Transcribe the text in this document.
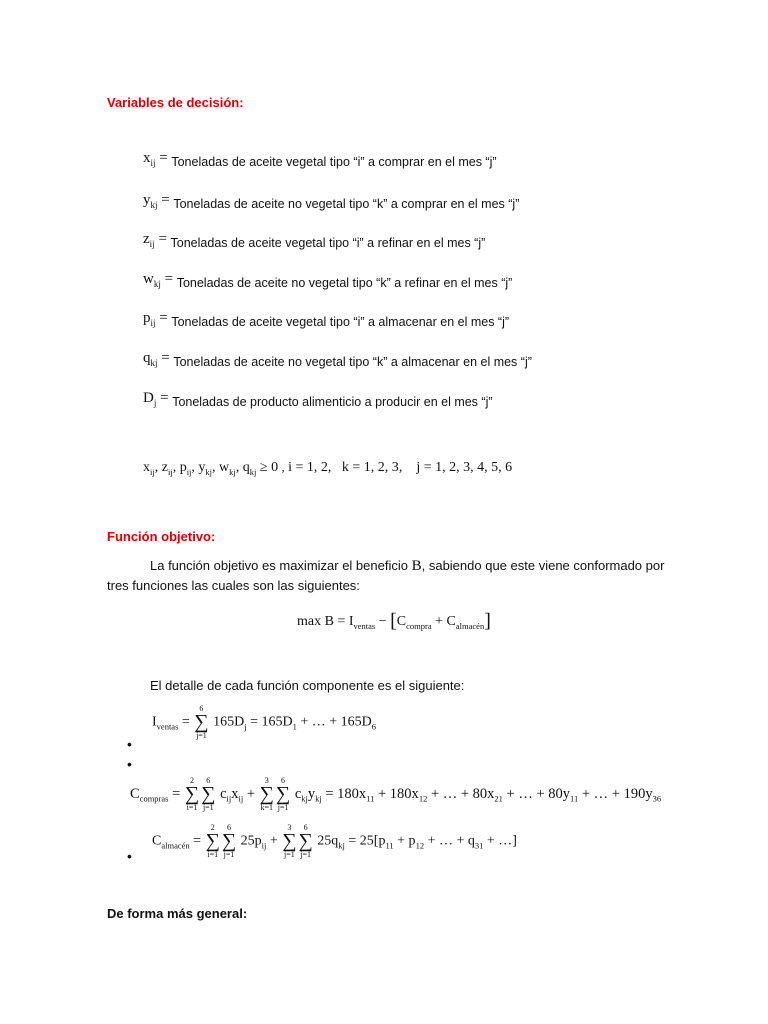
Variables de decisión:
$x_{ij}$ = Toneladas de aceite vegetal tipo “i” a comprar en el mes “j”
$y_{kj}$ = Toneladas de aceite no vegetal tipo “k” a comprar en el mes “j”
$z_{ij}$ = Toneladas de aceite vegetal tipo “i” a refinar en el mes “j”
$w_{kj}$ = Toneladas de aceite no vegetal tipo “k” a refinar en el mes “j”
$p_{ij}$ = Toneladas de aceite vegetal tipo “i” a almacenar en el mes “j”
$q_{kj}$ = Toneladas de aceite no vegetal tipo “k” a almacenar en el mes “j”
$D_j$ = Toneladas de producto alimenticio a producir en el mes “j”
$x_{ij}$, $z_{ij}$, $p_{ij}$, $y_{kj}$, $w_{kj}$, $q_{kj} \ge 0$ , i = 1, 2, k = 1, 2, 3, j = 1, 2, 3, 4, 5, 6
Función objetivo:
La función objetivo es maximizar el beneficio B, sabiendo que este viene conformado por
tres funciones las cuales son las siguientes:
$\max B = I_{ventas} - [C_{compra} + C_{almacén}]$
El detalle de cada función componente es el siguiente:
$I_{ventas}$ =
6
∑
j=1
$165D_j = 165D_1$ + … + $165D_6$
•
•
$C_{compras}$ =
2
∑
i=1
6
∑
j=1
$c_{ij}x_{ij}$ +
3
∑
k=1
6
∑
j=1
$c_{kj}y_{kj} = 180x_{11} + 180x_{12}$ + … + $80x_{21}$ + … + $80y_{11}$ + … + $190y_{36}$
$C_{almacén}$ =
2
∑
i=1
6
∑
j=1
$25p_{ij}$ +
3
∑
j=1
6
∑
j=1
$25q_{kj} = 25[p_{11} + p_{12}$ + … + $q_{31}$ + …]
•
De forma más general:
